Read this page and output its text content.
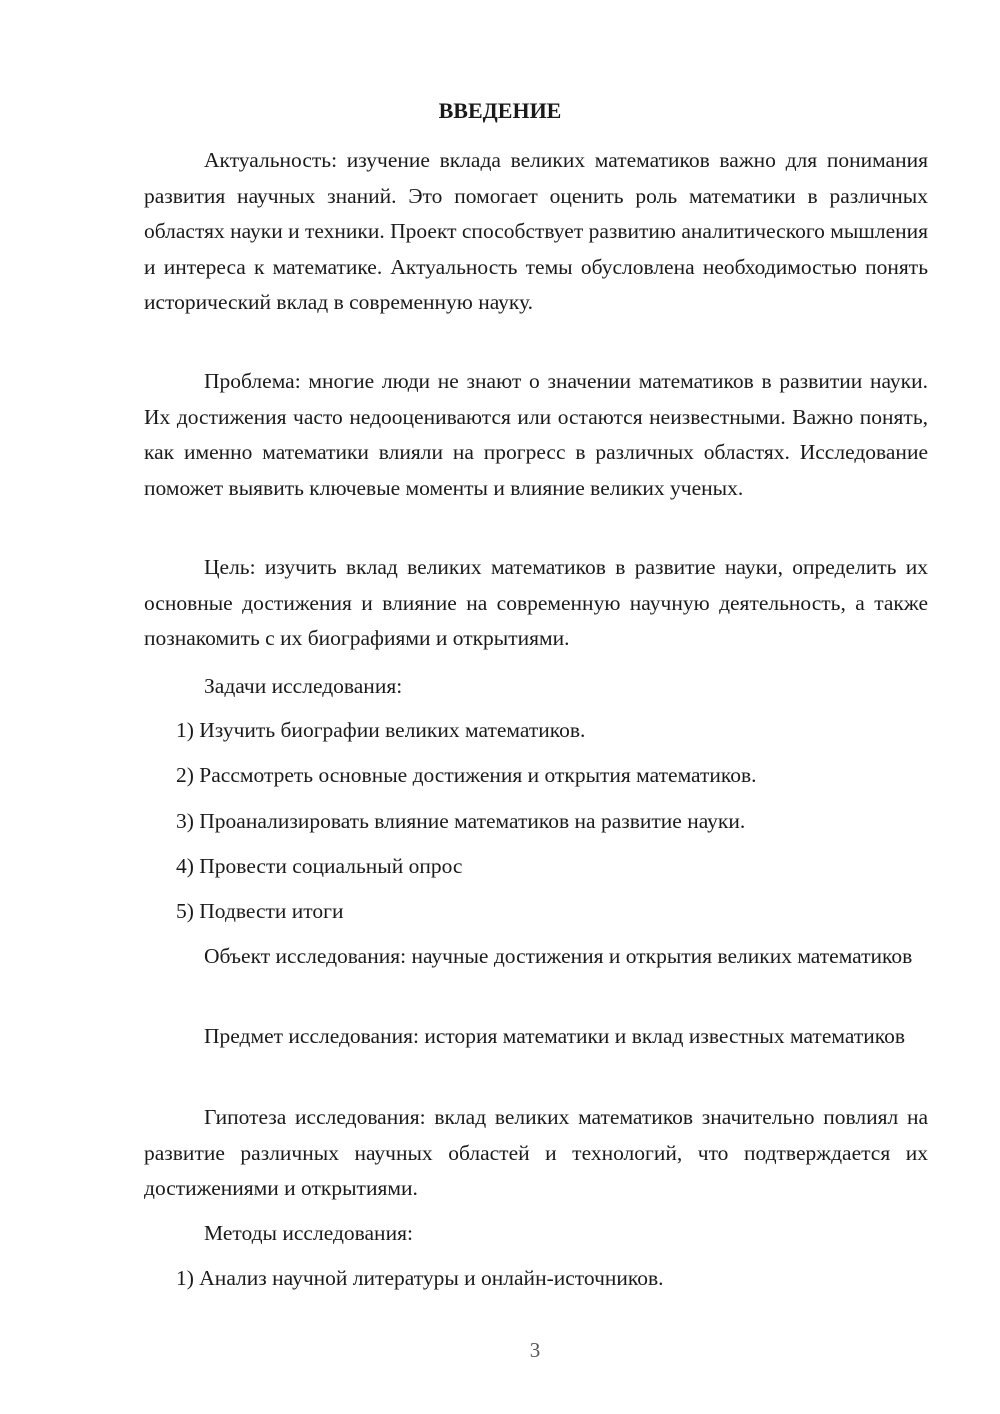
ВВЕДЕНИЕ

Актуальность: изучение вклада великих математиков важно для понимания развития научных знаний. Это помогает оценить роль математики в различных областях науки и техники. Проект способствует развитию аналитического мышления и интереса к математике. Актуальность темы обусловлена необходимостью понять исторический вклад в современную науку.

Проблема: многие люди не знают о значении математиков в развитии науки. Их достижения часто недооцениваются или остаются неизвестными. Важно понять, как именно математики влияли на прогресс в различных областях. Исследование поможет выявить ключевые моменты и влияние великих ученых.

Цель: изучить вклад великих математиков в развитие науки, определить их основные достижения и влияние на современную научную деятельность, а также познакомить с их биографиями и открытиями.

Задачи исследования:
1) Изучить биографии великих математиков.
2) Рассмотреть основные достижения и открытия математиков.
3) Проанализировать влияние математиков на развитие науки.
4) Провести социальный опрос
5) Подвести итоги

Объект исследования: научные достижения и открытия великих математиков

Предмет исследования: история математики и вклад известных математиков

Гипотеза исследования: вклад великих математиков значительно повлиял на развитие различных научных областей и технологий, что подтверждается их достижениями и открытиями.

Методы исследования:
1) Анализ научной литературы и онлайн-источников.
3
